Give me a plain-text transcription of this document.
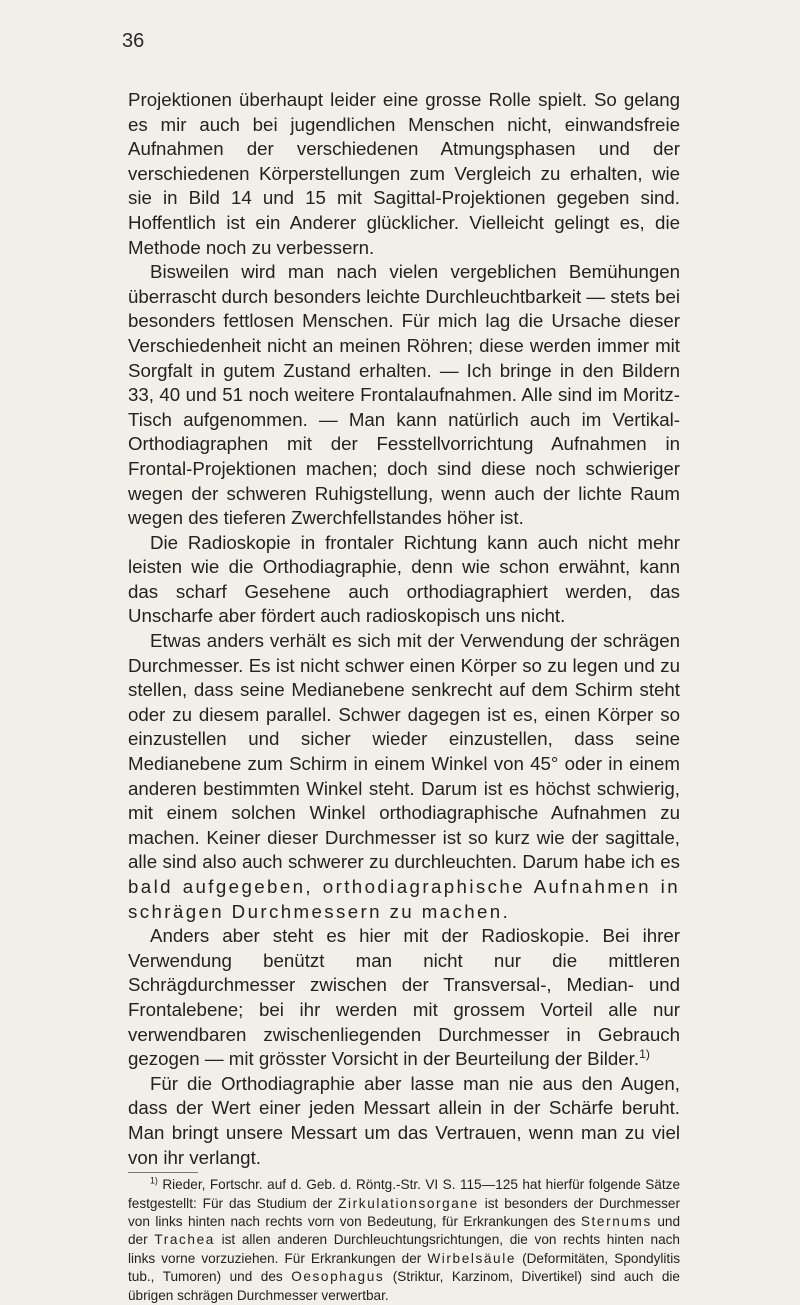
36

Projektionen überhaupt leider eine grosse Rolle spielt. So gelang es mir auch bei jugendlichen Menschen nicht, einwandsfreie Aufnahmen der verschiedenen Atmungsphasen und der verschiedenen Körperstellungen zum Vergleich zu erhalten, wie sie in Bild 14 und 15 mit Sagittal-Projektionen gegeben sind. Hoffentlich ist ein Anderer glücklicher. Vielleicht gelingt es, die Methode noch zu verbessern.

Bisweilen wird man nach vielen vergeblichen Bemühungen überrascht durch besonders leichte Durchleuchtbarkeit — stets bei besonders fettlosen Menschen. Für mich lag die Ursache dieser Verschiedenheit nicht an meinen Röhren; diese werden immer mit Sorgfalt in gutem Zustand erhalten. — Ich bringe in den Bildern 33, 40 und 51 noch weitere Frontalaufnahmen. Alle sind im Moritz-Tisch aufgenommen. — Man kann natürlich auch im Vertikal-Orthodiagraphen mit der Fesstellvorrichtung Aufnahmen in Frontal-Projektionen machen; doch sind diese noch schwieriger wegen der schweren Ruhigstellung, wenn auch der lichte Raum wegen des tieferen Zwerchfellstandes höher ist.

Die Radioskopie in frontaler Richtung kann auch nicht mehr leisten wie die Orthodiagraphie, denn wie schon erwähnt, kann das scharf Gesehene auch orthodiagraphiert werden, das Unscharfe aber fördert auch radioskopisch uns nicht.

Etwas anders verhält es sich mit der Verwendung der schrägen Durchmesser. Es ist nicht schwer einen Körper so zu legen und zu stellen, dass seine Medianebene senkrecht auf dem Schirm steht oder zu diesem parallel. Schwer dagegen ist es, einen Körper so einzustellen und sicher wieder einzustellen, dass seine Medianebene zum Schirm in einem Winkel von 45° oder in einem anderen bestimmten Winkel steht. Darum ist es höchst schwierig, mit einem solchen Winkel orthodiagraphische Aufnahmen zu machen. Keiner dieser Durchmesser ist so kurz wie der sagittale, alle sind also auch schwerer zu durchleuchten. Darum habe ich es bald aufgegeben, orthodiagraphische Aufnahmen in schrägen Durchmessern zu machen.

Anders aber steht es hier mit der Radioskopie. Bei ihrer Verwendung benützt man nicht nur die mittleren Schrägdurchmesser zwischen der Transversal-, Median- und Frontalebene; bei ihr werden mit grossem Vorteil alle nur verwendbaren zwischenliegenden Durchmesser in Gebrauch gezogen — mit grösster Vorsicht in der Beurteilung der Bilder.$^{1)}$

Für die Orthodiagraphie aber lasse man nie aus den Augen, dass der Wert einer jeden Messart allein in der Schärfe beruht. Man bringt unsere Messart um das Vertrauen, wenn man zu viel von ihr verlangt.

$^{1)}$ Rieder, Fortschr. auf d. Geb. d. Röntg.-Str. VI S. 115—125 hat hierfür folgende Sätze festgestellt: Für das Studium der Zirkulationsorgane ist besonders der Durchmesser von links hinten nach rechts vorn von Bedeutung, für Erkrankungen des Sternums und der Trachea ist allen anderen Durchleuchtungsrichtungen, die von rechts hinten nach links vorne vorzuziehen. Für Erkrankungen der Wirbelsäule (Deformitäten, Spondylitis tub., Tumoren) und des Oesophagus (Striktur, Karzinom, Divertikel) sind auch die übrigen schrägen Durchmesser verwertbar.
